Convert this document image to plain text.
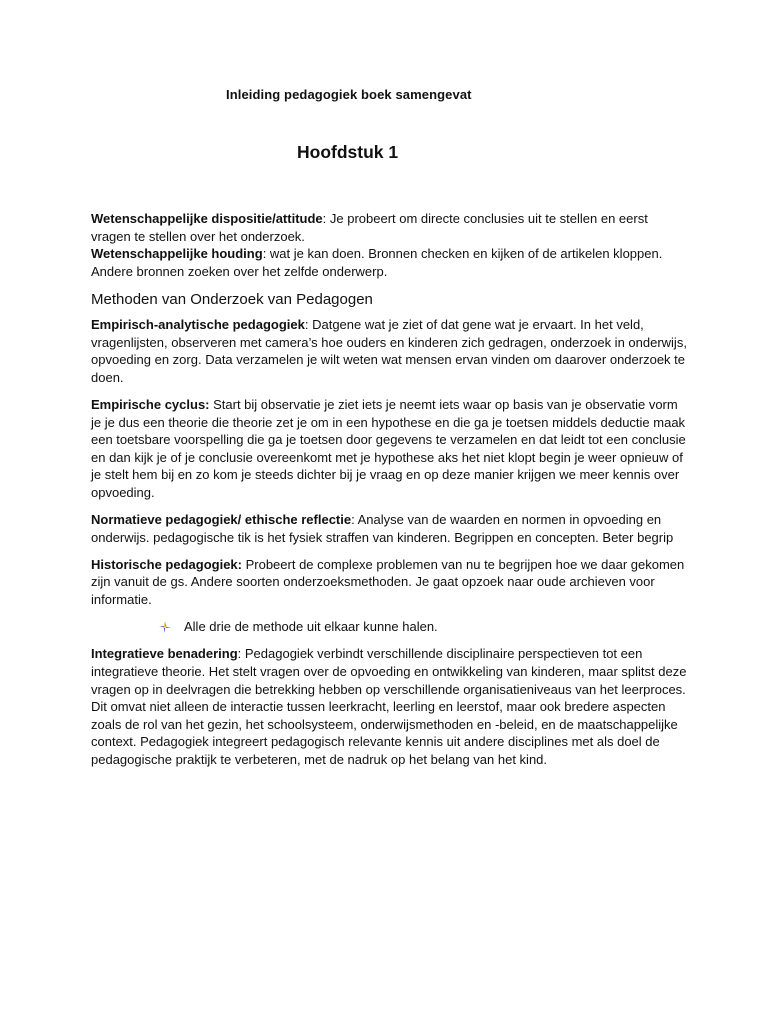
Inleiding pedagogiek boek samengevat
Hoofdstuk 1

Wetenschappelijke dispositie/attitude: Je probeert om directe conclusies uit te stellen en eerst vragen te stellen over het onderzoek.

Wetenschappelijke houding: wat je kan doen. Bronnen checken en kijken of de artikelen kloppen. Andere bronnen zoeken over het zelfde onderwerp.

Methoden van Onderzoek van Pedagogen

Empirisch-analytische pedagogiek: Datgene wat je ziet of dat gene wat je ervaart. In het veld, vragenlijsten, observeren met camera’s hoe ouders en kinderen zich gedragen, onderzoek in onderwijs, opvoeding en zorg. Data verzamelen je wilt weten wat mensen ervan vinden om daarover onderzoek te doen.

Empirische cyclus: Start bij observatie je ziet iets je neemt iets waar op basis van je observatie vorm je je dus een theorie die theorie zet je om in een hypothese en die ga je toetsen middels deductie maak een toetsbare voorspelling die ga je toetsen door gegevens te verzamelen en dat leidt tot een conclusie en dan kijk je of je conclusie overeenkomt met je hypothese aks het niet klopt begin je weer opnieuw of je stelt hem bij en zo kom je steeds dichter bij je vraag en op deze manier krijgen we meer kennis over opvoeding.

Normatieve pedagogiek/ ethische reflectie: Analyse van de waarden en normen in opvoeding en onderwijs. pedagogische tik is het fysiek straffen van kinderen. Begrippen en concepten. Beter begrip

Historische pedagogiek: Probeert de complexe problemen van nu te begrijpen hoe we daar gekomen zijn vanuit de gs. Andere soorten onderzoeksmethoden. Je gaat opzoek naar oude archieven voor informatie.

Alle drie de methode uit elkaar kunne halen.

Integratieve benadering: Pedagogiek verbindt verschillende disciplinaire perspectieven tot een integratieve theorie. Het stelt vragen over de opvoeding en ontwikkeling van kinderen, maar splitst deze vragen op in deelvragen die betrekking hebben op verschillende organisatieniveaus van het leerproces. Dit omvat niet alleen de interactie tussen leerkracht, leerling en leerstof, maar ook bredere aspecten zoals de rol van het gezin, het schoolsysteem, onderwijsmethoden en -beleid, en de maatschappelijke context. Pedagogiek integreert pedagogisch relevante kennis uit andere disciplines met als doel de pedagogische praktijk te verbeteren, met de nadruk op het belang van het kind.
